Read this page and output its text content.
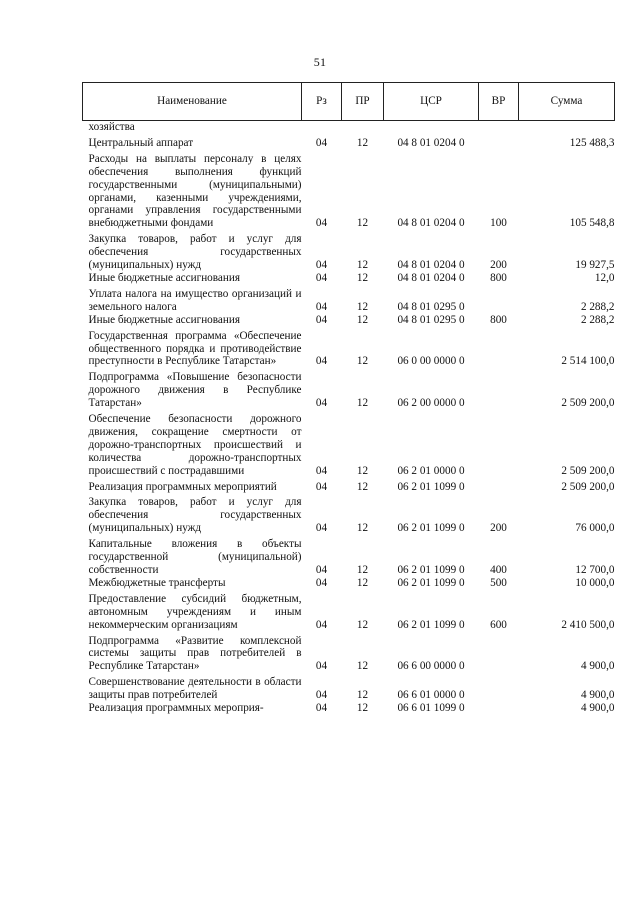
51
Наименование	Рз	ПР	ЦСР	ВР	Сумма
хозяйства					
Центральный аппарат	04	12	04 8 01 0204 0		125 488,3
Расходы на выплаты персоналу в целях обеспечения выполнения функций государственными (муниципальными) органами, казенными учреждениями, органами управления государственными внебюджетными фондами	04	12	04 8 01 0204 0	100	105 548,8
Закупка товаров, работ и услуг для обеспечения государственных (муниципальных) нужд	04	12	04 8 01 0204 0	200	19 927,5
Иные бюджетные ассигнования	04	12	04 8 01 0204 0	800	12,0
Уплата налога на имущество организаций и земельного налога	04	12	04 8 01 0295 0		2 288,2
Иные бюджетные ассигнования	04	12	04 8 01 0295 0	800	2 288,2
Государственная программа «Обеспечение общественного порядка и противодействие преступности в Республике Татарстан»	04	12	06 0 00 0000 0		2 514 100,0
Подпрограмма «Повышение безопасности дорожного движения в Республике Татарстан»	04	12	06 2 00 0000 0		2 509 200,0
Обеспечение безопасности дорожного движения, сокращение смертности от дорожно-транспортных происшествий и количества дорожно-транспортных происшествий с пострадавшими	04	12	06 2 01 0000 0		2 509 200,0
Реализация программных мероприятий	04	12	06 2 01 1099 0		2 509 200,0
Закупка товаров, работ и услуг для обеспечения государственных (муниципальных) нужд	04	12	06 2 01 1099 0	200	76 000,0
Капитальные вложения в объекты государственной (муниципальной) собственности	04	12	06 2 01 1099 0	400	12 700,0
Межбюджетные трансферты	04	12	06 2 01 1099 0	500	10 000,0
Предоставление субсидий бюджетным, автономным учреждениям и иным некоммерческим организациям	04	12	06 2 01 1099 0	600	2 410 500,0
Подпрограмма «Развитие комплексной системы защиты прав потребителей в Республике Татарстан»	04	12	06 6 00 0000 0		4 900,0
Совершенствование деятельности в области защиты прав потребителей	04	12	06 6 01 0000 0		4 900,0
Реализация программных мероприя-	04	12	06 6 01 1099 0		4 900,0
